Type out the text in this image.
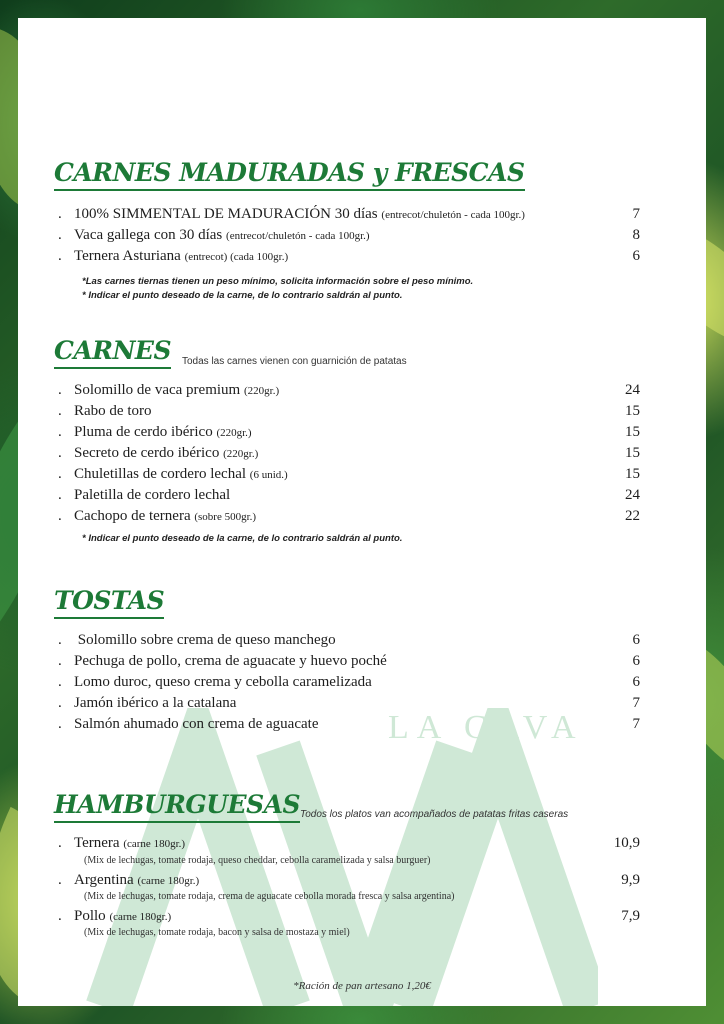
LA CAVA
CARNES MADURADAS y FRESCAS
. 100% SIMMENTAL DE MADURACIÓN 30 días (entrecot/chuletón - cada 100gr.)	7
. Vaca gallega con 30 días (entrecot/chuletón - cada 100gr.)	8
. Ternera Asturiana (entrecot) (cada 100gr.)	6
*Las carnes tiernas tienen un peso mínimo, solicita información sobre el peso mínimo.
* Indicar el punto deseado de la carne, de lo contrario saldrán al punto.
CARNES Todas las carnes vienen con guarnición de patatas
. Solomillo de vaca premium (220gr.)	24
. Rabo de toro	15
. Pluma de cerdo ibérico (220gr.)	15
. Secreto de cerdo ibérico (220gr.)	15
. Chuletillas de cordero lechal (6 unid.)	15
. Paletilla de cordero lechal	24
. Cachopo de ternera (sobre 500gr.)	22
* Indicar el punto deseado de la carne, de lo contrario saldrán al punto.
TOSTAS
. Solomillo sobre crema de queso manchego	6
. Pechuga de pollo, crema de aguacate y huevo poché	6
. Lomo duroc, queso crema y cebolla caramelizada	6
. Jamón ibérico a la catalana	7
. Salmón ahumado con crema de aguacate	7
HAMBURGUESAS Todos los platos van acompañados de patatas fritas caseras
. Ternera (carne 180gr.)	10,9
(Mix de lechugas, tomate rodaja, queso cheddar, cebolla caramelizada y salsa burguer)
. Argentina (carne 180gr.)	9,9
(Mix de lechugas, tomate rodaja, crema de aguacate cebolla morada fresca y salsa argentina)
. Pollo (carne 180gr.)	7,9
(Mix de lechugas, tomate rodaja, bacon y salsa de mostaza y miel)
*Ración de pan artesano 1,20€
